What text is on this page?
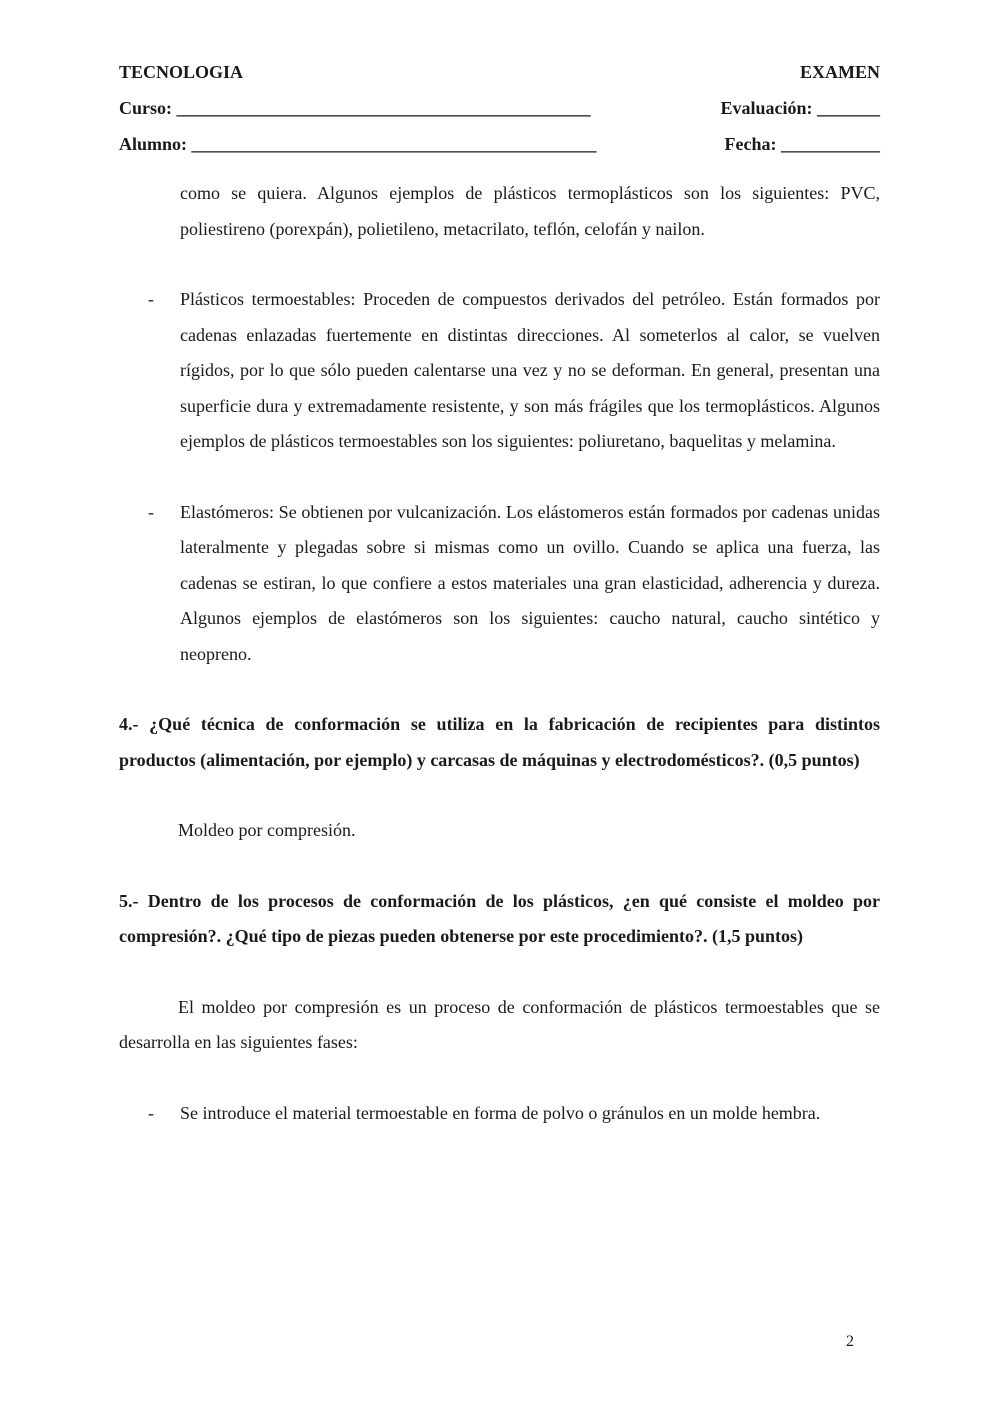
TECNOLOGIA	EXAMEN
Curso: ______________________________________________	Evaluación: _______
Alumno: _____________________________________________	Fecha: ___________

como se quiera. Algunos ejemplos de plásticos termoplásticos son los siguientes: PVC, poliestireno (porexpán), polietileno, metacrilato, teflón, celofán y nailon.

- Plásticos termoestables: Proceden de compuestos derivados del petróleo. Están formados por cadenas enlazadas fuertemente en distintas direcciones. Al someterlos al calor, se vuelven rígidos, por lo que sólo pueden calentarse una vez y no se deforman. En general, presentan una superficie dura y extremadamente resistente, y son más frágiles que los termoplásticos. Algunos ejemplos de plásticos termoestables son los siguientes: poliuretano, baquelitas y melamina.

- Elastómeros: Se obtienen por vulcanización. Los elástomeros están formados por cadenas unidas lateralmente y plegadas sobre si mismas como un ovillo. Cuando se aplica una fuerza, las cadenas se estiran, lo que confiere a estos materiales una gran elasticidad, adherencia y dureza. Algunos ejemplos de elastómeros son los siguientes: caucho natural, caucho sintético y neopreno.

4.- ¿Qué técnica de conformación se utiliza en la fabricación de recipientes para distintos productos (alimentación, por ejemplo) y carcasas de máquinas y electrodomésticos?. (0,5 puntos)

Moldeo por compresión.

5.- Dentro de los procesos de conformación de los plásticos, ¿en qué consiste el moldeo por compresión?. ¿Qué tipo de piezas pueden obtenerse por este procedimiento?. (1,5 puntos)

El moldeo por compresión es un proceso de conformación de plásticos termoestables que se desarrolla en las siguientes fases:

- Se introduce el material termoestable en forma de polvo o gránulos en un molde hembra.

2
